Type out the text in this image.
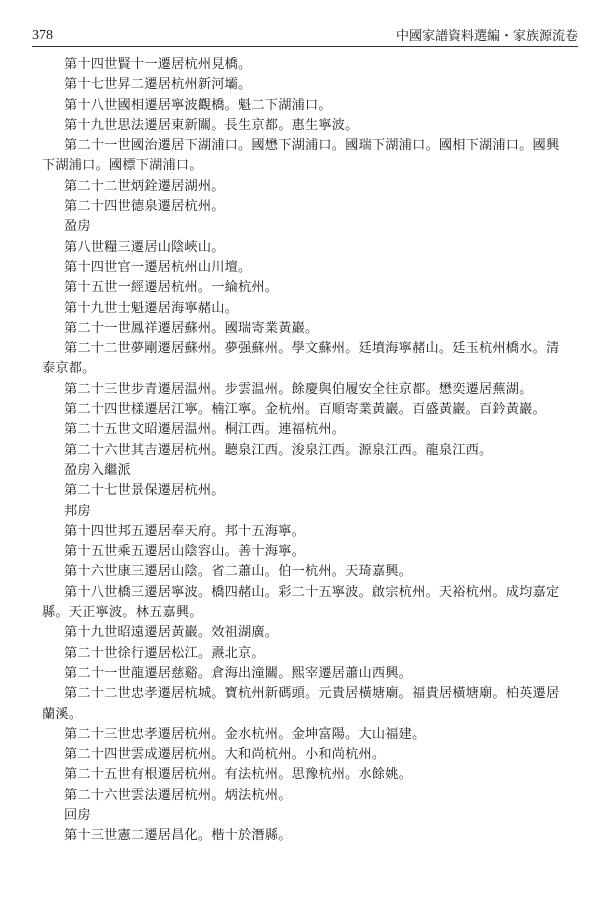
378	中國家譜資料選編・家族源流卷

第十四世賢十一遷居杭州見橋。

第十七世昇二遷居杭州新河壩。

第十八世國相遷居寧波觀橋。魁二下湖浦口。

第十九世思法遷居東新關。長生京都。惠生寧波。

第二十一世國治遷居下湖浦口。國懋下湖浦口。國瑞下湖浦口。國相下湖浦口。國興下湖浦口。國標下湖浦口。

第二十二世炳銓遷居湖州。

第二十四世德泉遷居杭州。

盈房

第八世糧三遷居山陰峽山。

第十四世官一遷居杭州山川壇。

第十五世一經遷居杭州。一綸杭州。

第十九世士魁遷居海寧赭山。

第二十一世鳳祥遷居蘇州。國瑞寄業黃巖。

第二十二世夢剛遷居蘇州。夢强蘇州。學文蘇州。廷墳海寧赭山。廷玉杭州橋水。清泰京都。

第二十三世步青遷居温州。步雲温州。餘慶與伯履安全往京都。懋奕遷居蕪湖。

第二十四世樣遷居江寧。楠江寧。金杭州。百順寄業黃巖。百盛黃巖。百鈐黃巖。

第二十五世文昭遷居温州。桐江西。連福杭州。

第二十六世其吉遷居杭州。聽泉江西。浚泉江西。源泉江西。龍泉江西。

盈房入繼派

第二十七世景保遷居杭州。

邦房

第十四世邦五遷居奉天府。邦十五海寧。

第十五世乘五遷居山陰容山。善十海寧。

第十六世康三遷居山陰。省二蕭山。伯一杭州。天琦嘉興。

第十八世橋三遷居寧波。橋四赭山。彩二十五寧波。啟宗杭州。天裕杭州。成均嘉定縣。天正寧波。林五嘉興。

第十九世昭遠遷居黃巖。效祖湖廣。

第二十世徐行遷居松江。燾北京。

第二十一世龍遷居慈谿。倉海出潼關。熙宰遷居蕭山西興。

第二十二世忠孝遷居杭城。寶杭州新碼頭。元貴居橫塘廟。福貴居橫塘廟。柏英遷居蘭溪。

第二十三世忠孝遷居杭州。金水杭州。金坤富陽。大山福建。

第二十四世雲成遷居杭州。大和尚杭州。小和尚杭州。

第二十五世有根遷居杭州。有法杭州。思豫杭州。水餘姚。

第二十六世雲法遷居杭州。炳法杭州。

回房

第十三世憲二遷居昌化。楷十於潛縣。
